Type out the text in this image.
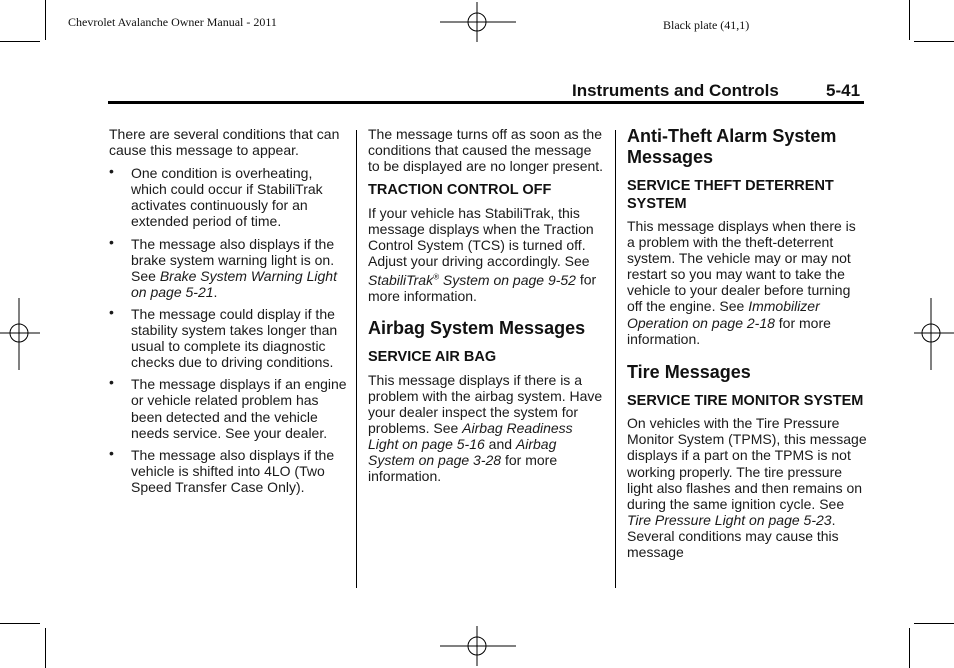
Chevrolet Avalanche Owner Manual - 2011	Black plate (41,1)
Instruments and Controls	5-41

There are several conditions that can cause this message to appear.

• One condition is overheating, which could occur if StabiliTrak activates continuously for an extended period of time.
• The message also displays if the brake system warning light is on. See Brake System Warning Light on page 5-21.
• The message could display if the stability system takes longer than usual to complete its diagnostic checks due to driving conditions.
• The message displays if an engine or vehicle related problem has been detected and the vehicle needs service. See your dealer.
• The message also displays if the vehicle is shifted into 4LO (Two Speed Transfer Case Only).

The message turns off as soon as the conditions that caused the message to be displayed are no longer present.

TRACTION CONTROL OFF

If your vehicle has StabiliTrak, this message displays when the Traction Control System (TCS) is turned off. Adjust your driving accordingly. See StabiliTrak® System on page 9-52 for more information.

Airbag System Messages
SERVICE AIR BAG

This message displays if there is a problem with the airbag system. Have your dealer inspect the system for problems. See Airbag Readiness Light on page 5-16 and Airbag System on page 3-28 for more information.

Anti-Theft Alarm System Messages
SERVICE THEFT DETERRENT SYSTEM

This message displays when there is a problem with the theft-deterrent system. The vehicle may or may not restart so you may want to take the vehicle to your dealer before turning off the engine. See Immobilizer Operation on page 2-18 for more information.

Tire Messages
SERVICE TIRE MONITOR SYSTEM

On vehicles with the Tire Pressure Monitor System (TPMS), this message displays if a part on the TPMS is not working properly. The tire pressure light also flashes and then remains on during the same ignition cycle. See Tire Pressure Light on page 5-23. Several conditions may cause this message
